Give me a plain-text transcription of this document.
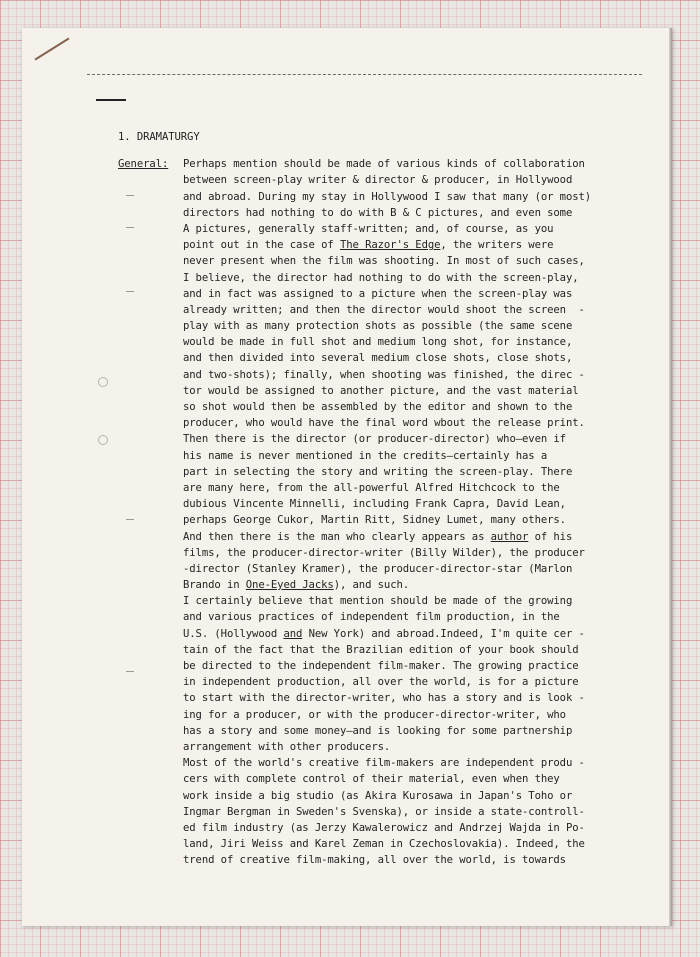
1. DRAMATURGY

General:

Perhaps mention should be made of various kinds of collaboration

between screen-play writer & director & producer, in Hollywood
and abroad. During my stay in Hollywood I saw that many (or most)
directors had nothing to do with B & C pictures, and even some
A pictures, generally staff-written; and, of course, as you
point out in the case of The Razor's Edge, the writers were
never present when the film was shooting. In most of such cases,
I believe, the director had nothing to do with the screen-play,
and in fact was assigned to a picture when the screen-play was
already written; and then the director would shoot the screen  -
play with as many protection shots as possible (the same scene
would be made in full shot and medium long shot, for instance,
and then divided into several medium close shots, close shots,
and two-shots); finally, when shooting was finished, the direc -
tor would be assigned to another picture, and the vast material
so shot would then be assembled by the editor and shown to the
producer, who would have the final word wbout the release print.
Then there is the director (or producer-director) who—even if
his name is never mentioned in the credits—certainly has a
part in selecting the story and writing the screen-play. There
are many here, from the all-powerful Alfred Hitchcock to the
dubious Vincente Minnelli, including Frank Capra, David Lean,
perhaps George Cukor, Martin Ritt, Sidney Lumet, many others.
And then there is the man who clearly appears as author of his
films, the producer-director-writer (Billy Wilder), the producer
-director (Stanley Kramer), the producer-director-star (Marlon
Brando in One-Eyed Jacks), and such.
I certainly believe that mention should be made of the growing
and various practices of independent film production, in the
U.S. (Hollywood and New York) and abroad.Indeed, I'm quite cer -
tain of the fact that the Brazilian edition of your book should
be directed to the independent film-maker. The growing practice
in independent production, all over the world, is for a picture
to start with the director-writer, who has a story and is look -
ing for a producer, or with the producer-director-writer, who
has a story and some money—and is looking for some partnership
arrangement with other producers.
Most of the world's creative film-makers are independent produ -
cers with complete control of their material, even when they
work inside a big studio (as Akira Kurosawa in Japan's Toho or
Ingmar Bergman in Sweden's Svenska), or inside a state-controll-
ed film industry (as Jerzy Kawalerowicz and Andrzej Wajda in Po-
land, Jiri Weiss and Karel Zeman in Czechoslovakia). Indeed, the
trend of creative film-making, all over the world, is towards
